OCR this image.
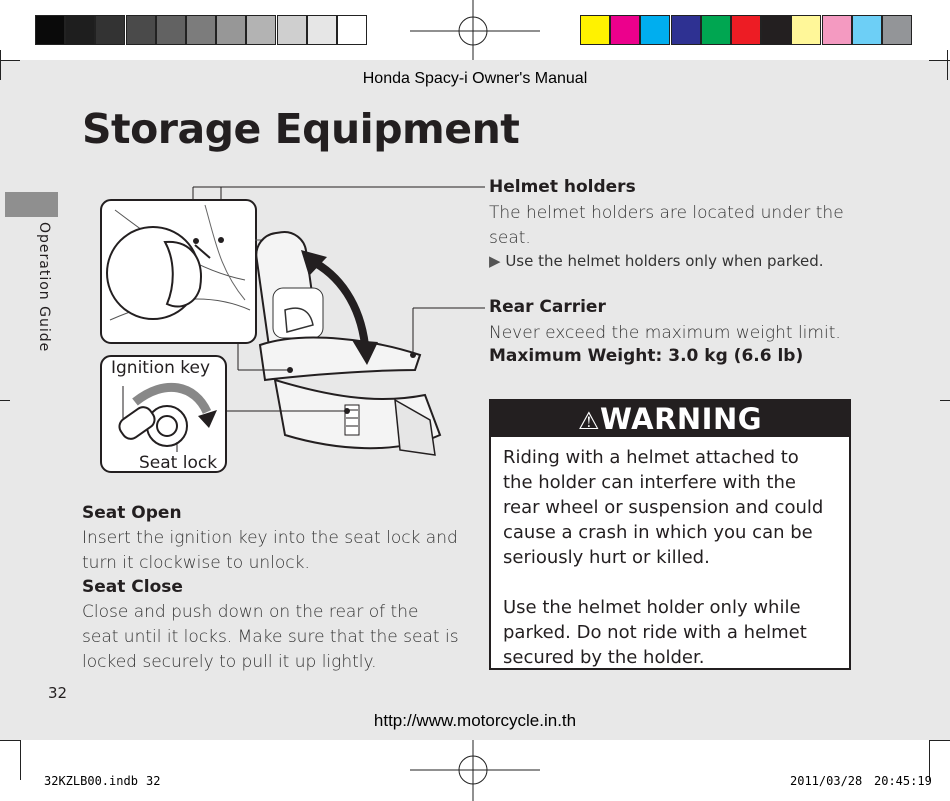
Honda Spacy-i Owner's Manual
Storage Equipment
Operation Guide
Ignition key
Seat lock
Helmet holders
The helmet holders are located under the
seat.
▶ Use the helmet holders only when parked.
Rear Carrier
Never exceed the maximum weight limit.
Maximum Weight: 3.0 kg (6.6 lb)
⚠WARNING
Riding with a helmet attached to
the holder can interfere with the
rear wheel or suspension and could
cause a crash in which you can be
seriously hurt or killed.
Use the helmet holder only while
parked. Do not ride with a helmet
secured by the holder.
Seat Open
Insert the ignition key into the seat lock and
turn it clockwise to unlock.
Seat Close
Close and push down on the rear of the
seat until it locks. Make sure that the seat is
locked securely to pull it up lightly.
32
http://www.motorcycle.in.th
32KZLB00.indb 32	2011/03/28 20:45:19
